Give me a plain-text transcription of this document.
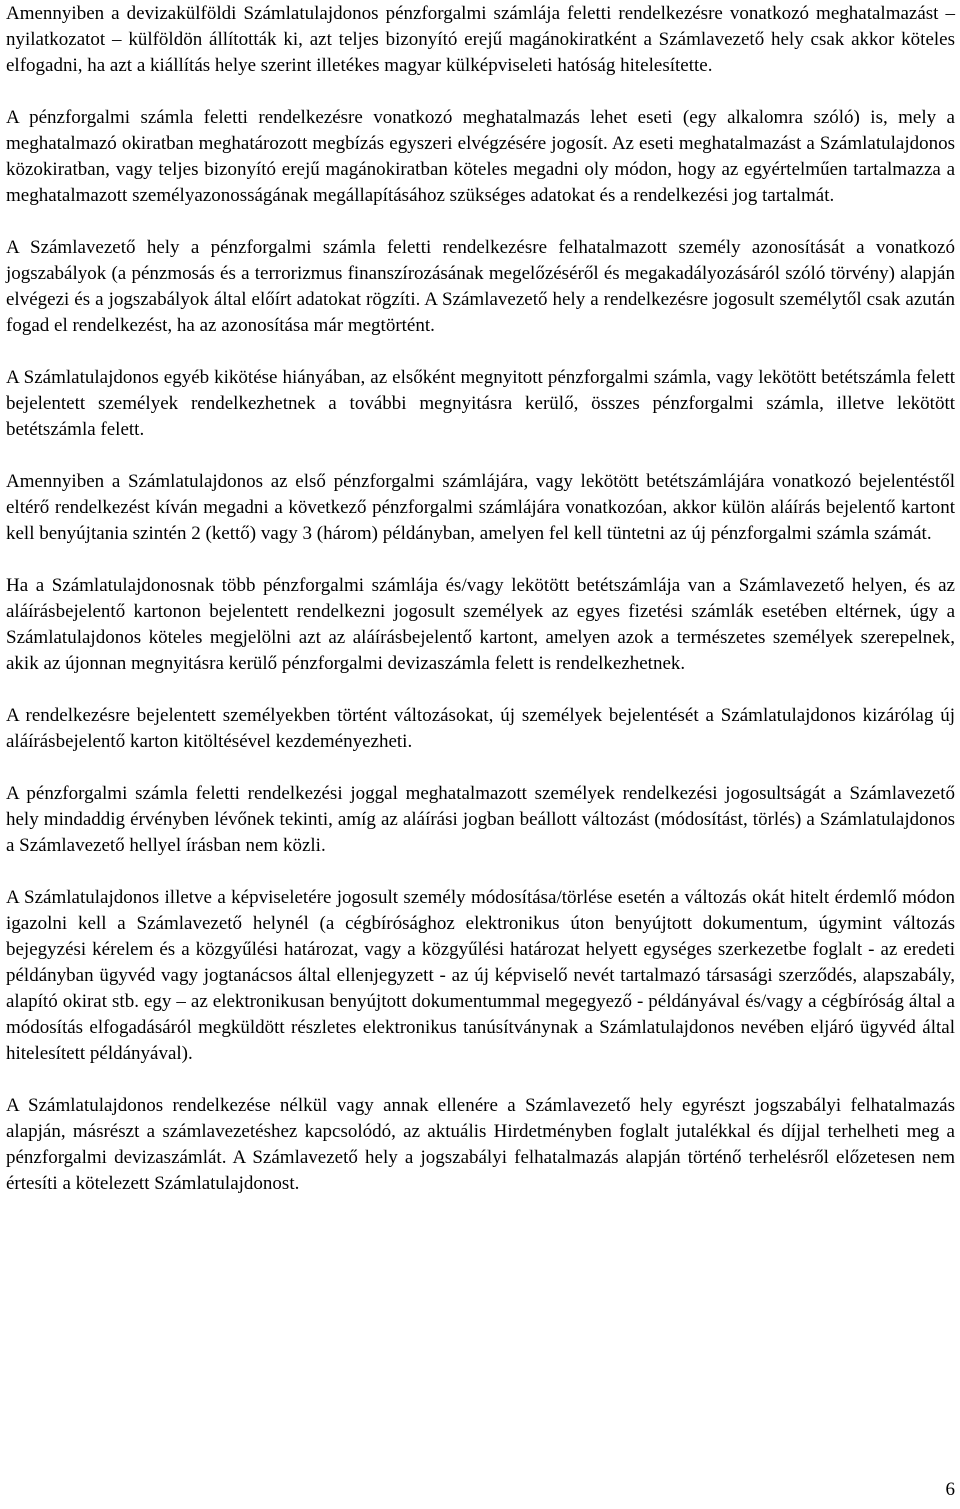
Amennyiben a devizakülföldi Számlatulajdonos pénzforgalmi számlája feletti rendelkezésre vonatkozó meghatalmazást – nyilatkozatot – külföldön állították ki, azt teljes bizonyító erejű magánokiratként a Számlavezető hely csak akkor köteles elfogadni, ha azt a kiállítás helye szerint illetékes magyar külképviseleti hatóság hitelesítette.

A pénzforgalmi számla feletti rendelkezésre vonatkozó meghatalmazás lehet eseti (egy alkalomra szóló) is, mely a meghatalmazó okiratban meghatározott megbízás egyszeri elvégzésére jogosít. Az eseti meghatalmazást a Számlatulajdonos közokiratban, vagy teljes bizonyító erejű magánokiratban köteles megadni oly módon, hogy az egyértelműen tartalmazza a meghatalmazott személyazonosságának megállapításához szükséges adatokat és a rendelkezési jog tartalmát.

A Számlavezető hely a pénzforgalmi számla feletti rendelkezésre felhatalmazott személy azonosítását a vonatkozó jogszabályok (a pénzmosás és a terrorizmus finanszírozásának megelőzéséről és megakadályozásáról szóló törvény) alapján elvégezi és a jogszabályok által előírt adatokat rögzíti. A Számlavezető hely a rendelkezésre jogosult személytől csak azután fogad el rendelkezést, ha az azonosítása már megtörtént.

A Számlatulajdonos egyéb kikötése hiányában, az elsőként megnyitott pénzforgalmi számla, vagy lekötött betétszámla felett bejelentett személyek rendelkezhetnek a további megnyitásra kerülő, összes pénzforgalmi számla, illetve lekötött betétszámla felett.

Amennyiben a Számlatulajdonos az első pénzforgalmi számlájára, vagy lekötött betétszámlájára vonatkozó bejelentéstől eltérő rendelkezést kíván megadni a következő pénzforgalmi számlájára vonatkozóan, akkor külön aláírás bejelentő kartont kell benyújtania szintén 2 (kettő) vagy 3 (három) példányban, amelyen fel kell tüntetni az új pénzforgalmi számla számát.

Ha a Számlatulajdonosnak több pénzforgalmi számlája és/vagy lekötött betétszámlája van a Számlavezető helyen, és az aláírásbejelentő kartonon bejelentett rendelkezni jogosult személyek az egyes fizetési számlák esetében eltérnek, úgy a Számlatulajdonos köteles megjelölni azt az aláírásbejelentő kartont, amelyen azok a természetes személyek szerepelnek, akik az újonnan megnyitásra kerülő pénzforgalmi devizaszámla felett is rendelkezhetnek.

A rendelkezésre bejelentett személyekben történt változásokat, új személyek bejelentését a Számlatulajdonos kizárólag új aláírásbejelentő karton kitöltésével kezdeményezheti.

A pénzforgalmi számla feletti rendelkezési joggal meghatalmazott személyek rendelkezési jogosultságát a Számlavezető hely mindaddig érvényben lévőnek tekinti, amíg az aláírási jogban beállott változást (módosítást, törlés) a Számlatulajdonos a Számlavezető hellyel írásban nem közli.

A Számlatulajdonos illetve a képviseletére jogosult személy módosítása/törlése esetén a változás okát hitelt érdemlő módon igazolni kell a Számlavezető helynél (a cégbírósághoz elektronikus úton benyújtott dokumentum, úgymint változás bejegyzési kérelem és a közgyűlési határozat, vagy a közgyűlési határozat helyett egységes szerkezetbe foglalt - az eredeti példányban ügyvéd vagy jogtanácsos által ellenjegyzett - az új képviselő nevét tartalmazó társasági szerződés, alapszabály, alapító okirat stb. egy – az elektronikusan benyújtott dokumentummal megegyező - példányával és/vagy a cégbíróság által a módosítás elfogadásáról megküldött részletes elektronikus tanúsítványnak a Számlatulajdonos nevében eljáró ügyvéd által hitelesített példányával).

A Számlatulajdonos rendelkezése nélkül vagy annak ellenére a Számlavezető hely egyrészt jogszabályi felhatalmazás alapján, másrészt a számlavezetéshez kapcsolódó, az aktuális Hirdetményben foglalt jutalékkal és díjjal terhelheti meg a pénzforgalmi devizaszámlát. A Számlavezető hely a jogszabályi felhatalmazás alapján történő terhelésről előzetesen nem értesíti a kötelezett Számlatulajdonost.

6
